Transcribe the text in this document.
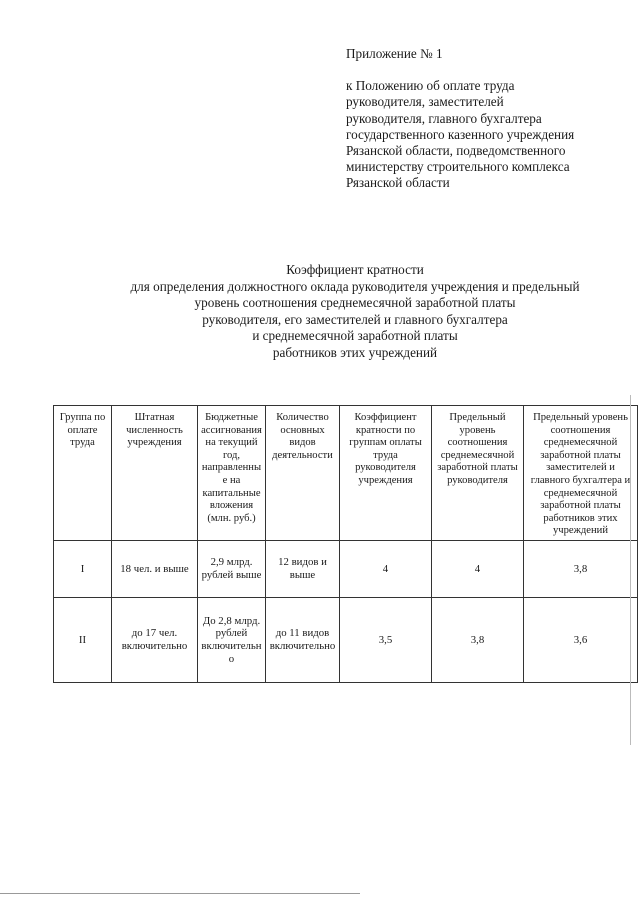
Приложение № 1
к Положению об оплате труда
руководителя, заместителей
руководителя, главного бухгалтера
государственного казенного учреждения
Рязанской области, подведомственного
министерству строительного комплекса
Рязанской области
Коэффициент кратности
для определения должностного оклада руководителя учреждения и предельный
уровень соотношения среднемесячной заработной платы
руководителя, его заместителей и главного бухгалтера
и среднемесячной заработной платы
работников этих учреждений
Группа по оплате труда	Штатная численность учреждения	Бюджетные ассигнования на текущий год, направленные на капитальные вложения (млн. руб.)	Количество основных видов деятельности	Коэффициент кратности по группам оплаты труда руководителя учреждения	Предельный уровень соотношения среднемесячной заработной платы руководителя	Предельный уровень соотношения среднемесячной заработной платы заместителей и главного бухгалтера и среднемесячной заработной платы работников этих учреждений
I	18 чел. и выше	2,9 млрд. рублей выше	12 видов и выше	4	4	3,8
II	до 17 чел. включительно	До 2,8 млрд. рублей включительно	до 11 видов включительно	3,5	3,8	3,6
